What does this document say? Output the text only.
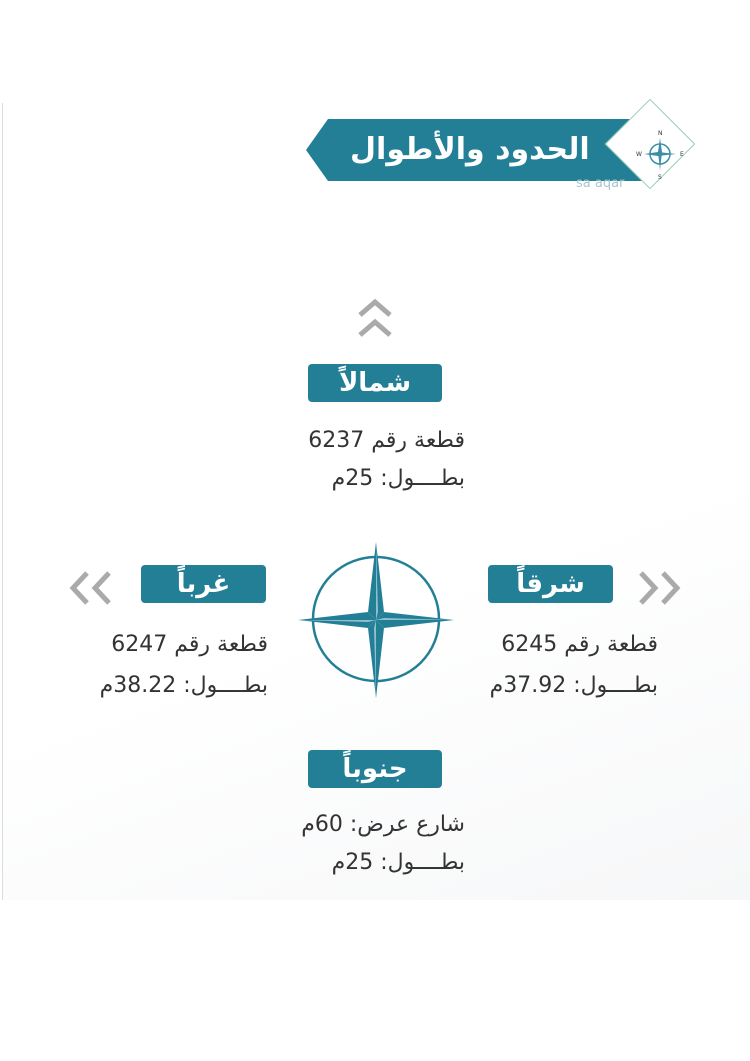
الحدود والأطوال	N
S
W	E
sa aqar
شمالاً
قطعة رقم 6237
بطــــول: 25م
غرباً
قطعة رقم 6247
بطــــول: 38.22م
شرقاً
قطعة رقم 6245
بطــــول: 37.92م
جنوباً
شارع عرض: 60م
بطــــول: 25م
